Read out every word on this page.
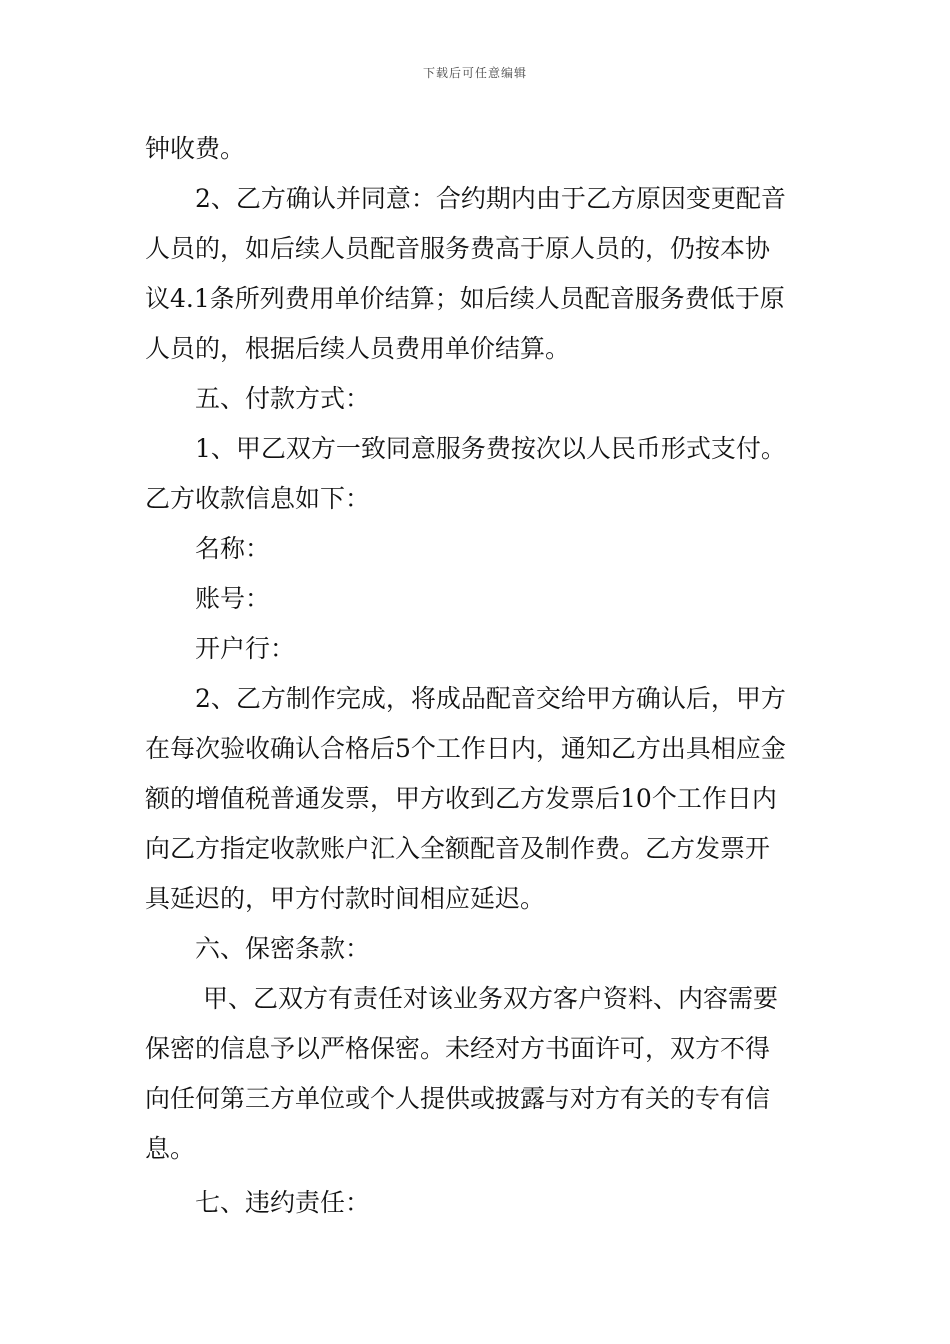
下载后可任意编辑
钟收费。
2、乙方确认并同意：合约期内由于乙方原因变更配音
人员的，如后续人员配音服务费高于原人员的，仍按本协
议4.1条所列费用单价结算；如后续人员配音服务费低于原
人员的，根据后续人员费用单价结算。
五、付款方式：
1、甲乙双方一致同意服务费按次以人民币形式支付。
乙方收款信息如下：
名称：
账号：
开户行：
2、乙方制作完成，将成品配音交给甲方确认后，甲方
在每次验收确认合格后5个工作日内，通知乙方出具相应金
额的增值税普通发票，甲方收到乙方发票后10个工作日内
向乙方指定收款账户汇入全额配音及制作费。乙方发票开
具延迟的，甲方付款时间相应延迟。
六、保密条款：
甲、乙双方有责任对该业务双方客户资料、内容需要
保密的信息予以严格保密。未经对方书面许可，双方不得
向任何第三方单位或个人提供或披露与对方有关的专有信
息。
七、违约责任：
